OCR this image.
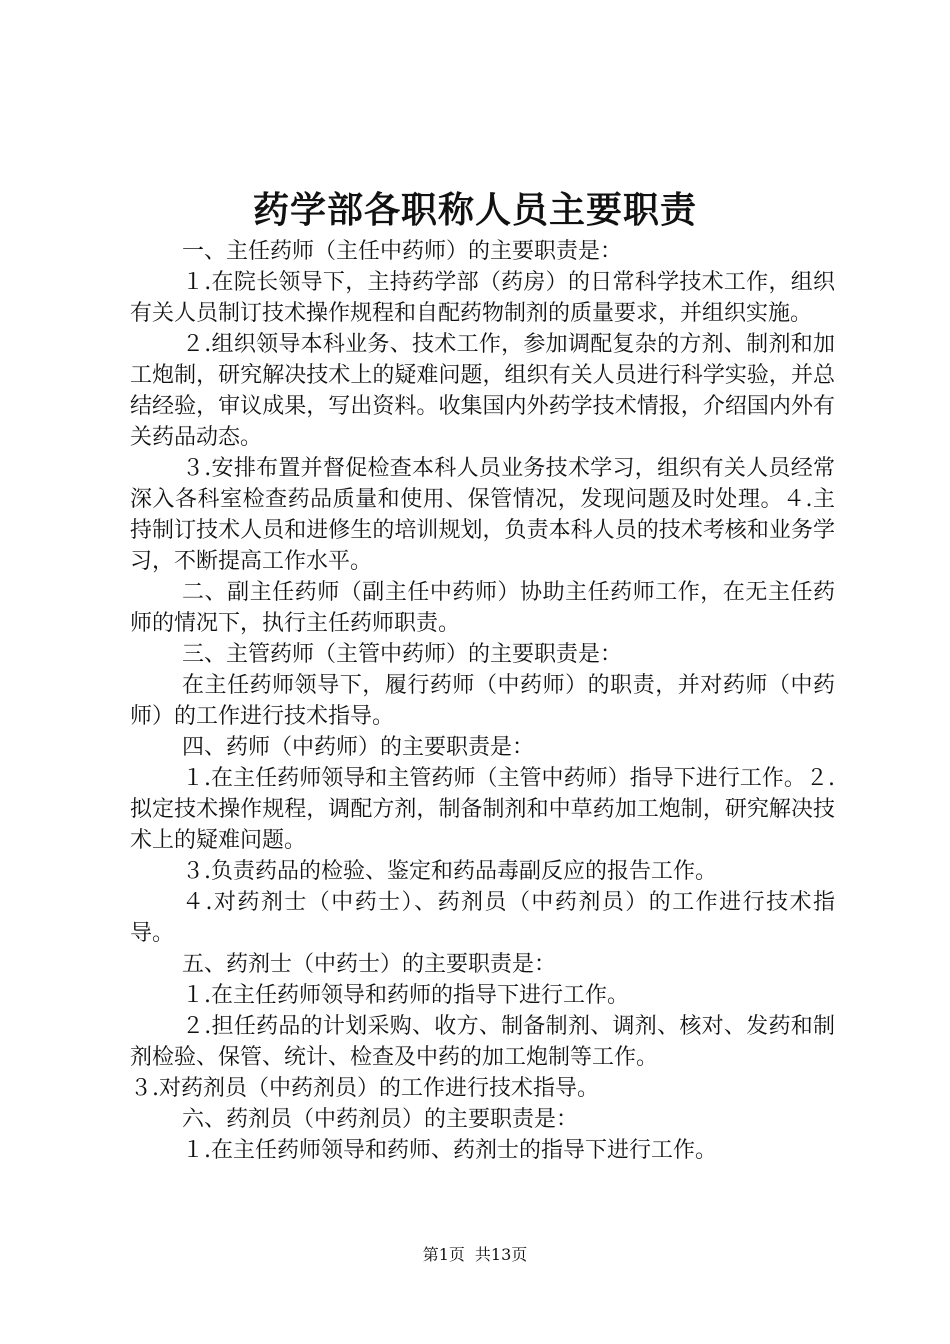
药学部各职称人员主要职责

一、主任药师（主任中药师）的主要职责是：

１.在院长领导下，主持药学部（药房）的日常科学技术工作，组织有关人员制订技术操作规程和自配药物制剂的质量要求，并组织实施。

２.组织领导本科业务、技术工作，参加调配复杂的方剂、制剂和加工炮制，研究解决技术上的疑难问题，组织有关人员进行科学实验，并总结经验，审议成果，写出资料。收集国内外药学技术情报，介绍国内外有关药品动态。

３.安排布置并督促检查本科人员业务技术学习，组织有关人员经常深入各科室检查药品质量和使用、保管情况，发现问题及时处理。４.主持制订技术人员和进修生的培训规划，负责本科人员的技术考核和业务学习，不断提高工作水平。

二、副主任药师（副主任中药师）协助主任药师工作，在无主任药师的情况下，执行主任药师职责。

三、主管药师（主管中药师）的主要职责是：

在主任药师领导下，履行药师（中药师）的职责，并对药师（中药师）的工作进行技术指导。

四、药师（中药师）的主要职责是：

１.在主任药师领导和主管药师（主管中药师）指导下进行工作。２.拟定技术操作规程，调配方剂，制备制剂和中草药加工炮制，研究解决技术上的疑难问题。

３.负责药品的检验、鉴定和药品毒副反应的报告工作。

４.对药剂士（中药士）、药剂员（中药剂员）的工作进行技术指导。

五、药剂士（中药士）的主要职责是：

１.在主任药师领导和药师的指导下进行工作。

２.担任药品的计划采购、收方、制备制剂、调剂、核对、发药和制剂检验、保管、统计、检查及中药的加工炮制等工作。

３.对药剂员（中药剂员）的工作进行技术指导。

六、药剂员（中药剂员）的主要职责是：

１.在主任药师领导和药师、药剂士的指导下进行工作。

第1页 共13页
